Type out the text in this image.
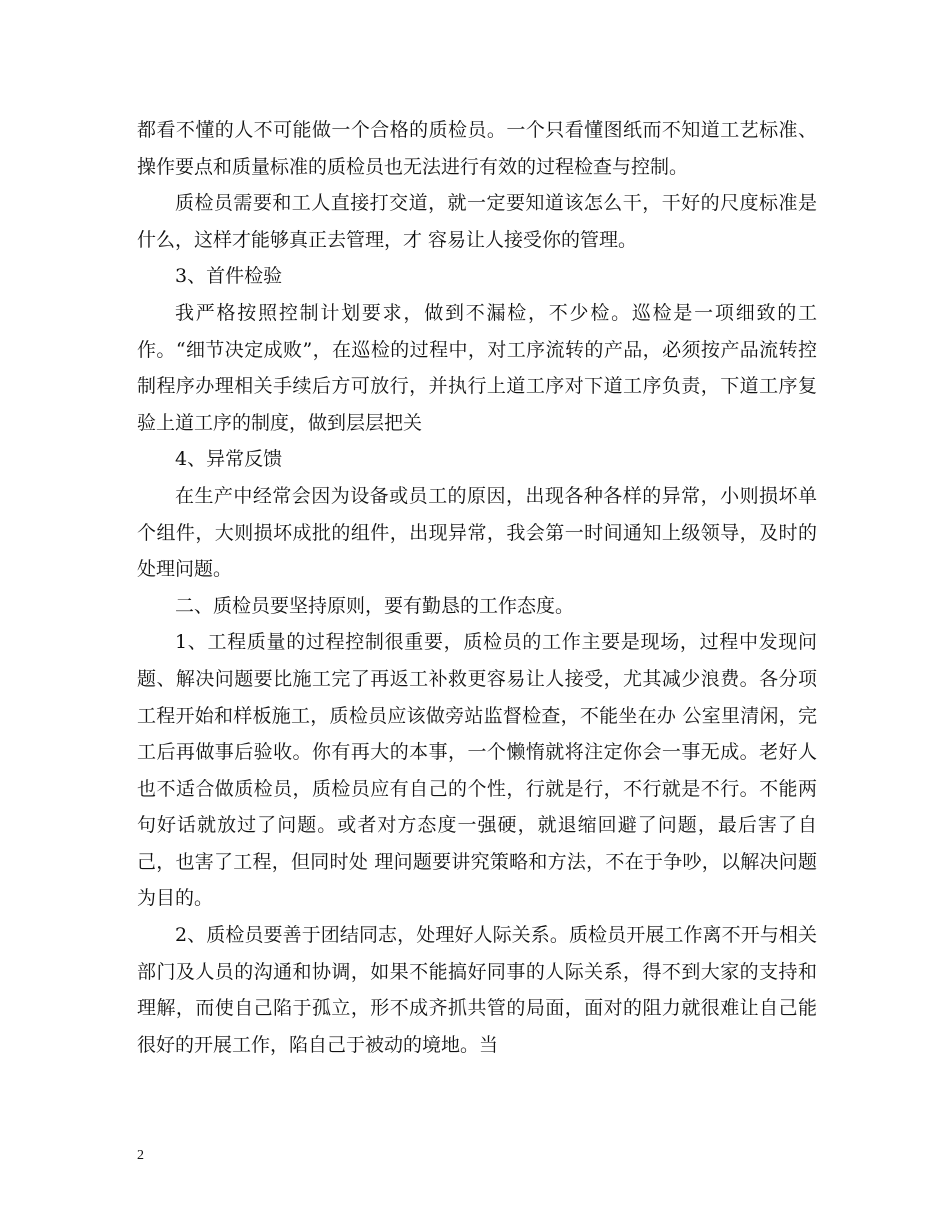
都看不懂的人不可能做一个合格的质检员。一个只看懂图纸而不知道工艺标准、操作要点和质量标准的质检员也无法进行有效的过程检查与控制。

质检员需要和工人直接打交道，就一定要知道该怎么干，干好的尺度标准是什么，这样才能够真正去管理，才 容易让人接受你的管理。

3、首件检验

我严格按照控制计划要求，做到不漏检，不少检。巡检是一项细致的工作。“细节决定成败”，在巡检的过程中，对工序流转的产品，必须按产品流转控制程序办理相关手续后方可放行，并执行上道工序对下道工序负责，下道工序复验上道工序的制度，做到层层把关

4、异常反馈

在生产中经常会因为设备或员工的原因，出现各种各样的异常，小则损坏单个组件，大则损坏成批的组件，出现异常，我会第一时间通知上级领导，及时的处理问题。

二、质检员要坚持原则，要有勤恳的工作态度。

1、工程质量的过程控制很重要，质检员的工作主要是现场，过程中发现问题、解决问题要比施工完了再返工补救更容易让人接受，尤其减少浪费。各分项工程开始和样板施工，质检员应该做旁站监督检查，不能坐在办 公室里清闲，完工后再做事后验收。你有再大的本事，一个懒惰就将注定你会一事无成。老好人也不适合做质检员，质检员应有自己的个性，行就是行，不行就是不行。不能两句好话就放过了问题。或者对方态度一强硬，就退缩回避了问题，最后害了自己，也害了工程，但同时处 理问题要讲究策略和方法，不在于争吵，以解决问题为目的。

2、质检员要善于团结同志，处理好人际关系。质检员开展工作离不开与相关部门及人员的沟通和协调，如果不能搞好同事的人际关系，得不到大家的支持和理解，而使自己陷于孤立，形不成齐抓共管的局面，面对的阻力就很难让自己能很好的开展工作，陷自己于被动的境地。当

2
